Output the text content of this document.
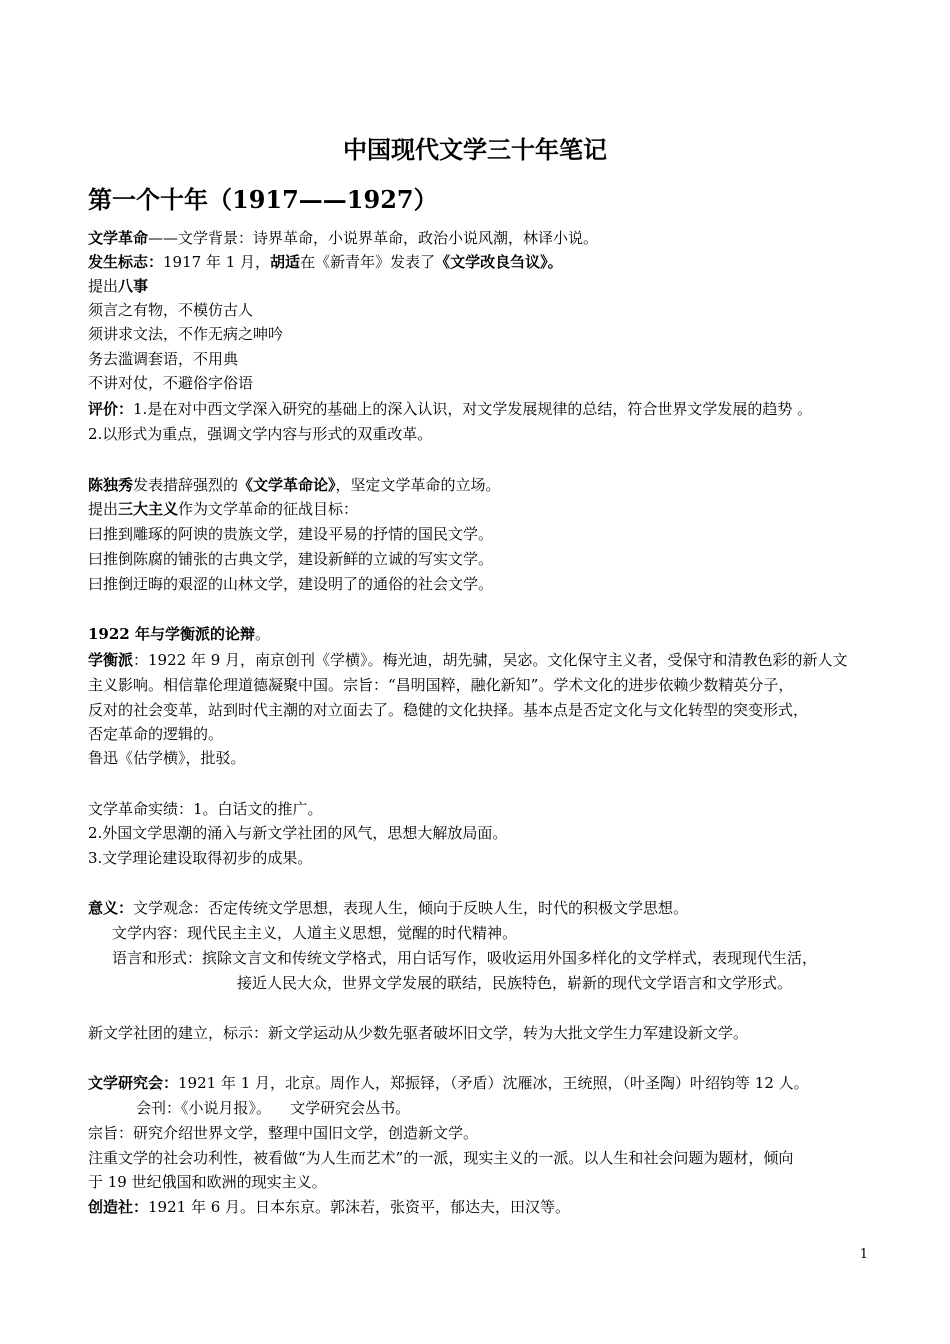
中国现代文学三十年笔记
第一个十年（1917——1927）
文学革命——文学背景：诗界革命，小说界革命，政治小说风潮，林译小说。
发生标志：1917 年 1 月，胡适在《新青年》发表了《文学改良刍议》。
提出八事
须言之有物，不模仿古人
须讲求文法，不作无病之呻吟
务去滥调套语，不用典
不讲对仗，不避俗字俗语
评价：1.是在对中西文学深入研究的基础上的深入认识，对文学发展规律的总结，符合世界文学发展的趋势 。
2.以形式为重点，强调文学内容与形式的双重改革。
陈独秀发表措辞强烈的《文学革命论》，坚定文学革命的立场。
提出三大主义作为文学革命的征战目标：
曰推到雕琢的阿谀的贵族文学，建设平易的抒情的国民文学。
曰推倒陈腐的铺张的古典文学，建设新鲜的立诚的写实文学。
曰推倒迂晦的艰涩的山林文学，建设明了的通俗的社会文学。
1922 年与学衡派的论辩。
学衡派：1922 年 9 月，南京创刊《学横》。梅光迪，胡先骕，吴宓。文化保守主义者，受保守和清教色彩的新人文
主义影响。相信靠伦理道德凝聚中国。宗旨：“昌明国粹，融化新知”。学术文化的进步依赖少数精英分子，
反对的社会变革，站到时代主潮的对立面去了。稳健的文化抉择。基本点是否定文化与文化转型的突变形式，
否定革命的逻辑的。
鲁迅《估学横》，批驳。
文学革命实绩：1。白话文的推广。
2.外国文学思潮的涌入与新文学社团的风气，思想大解放局面。
3.文学理论建设取得初步的成果。
意义：文学观念：否定传统文学思想，表现人生，倾向于反映人生，时代的积极文学思想。
文学内容：现代民主主义，人道主义思想，觉醒的时代精神。
语言和形式：摈除文言文和传统文学格式，用白话写作，吸收运用外国多样化的文学样式，表现现代生活，
接近人民大众，世界文学发展的联结，民族特色，崭新的现代文学语言和文学形式。
新文学社团的建立，标示：新文学运动从少数先驱者破坏旧文学，转为大批文学生力军建设新文学。
文学研究会：1921 年 1 月，北京。周作人，郑振铎，（矛盾）沈雁冰，王统照，（叶圣陶）叶绍钧等 12 人。
会刊：《小说月报》。    文学研究会丛书。
宗旨：研究介绍世界文学，整理中国旧文学，创造新文学。
注重文学的社会功利性，被看做“为人生而艺术”的一派，现实主义的一派。以人生和社会问题为题材，倾向
于 19 世纪俄国和欧洲的现实主义。
创造社：1921 年 6 月。日本东京。郭沫若，张资平，郁达夫，田汉等。
1
